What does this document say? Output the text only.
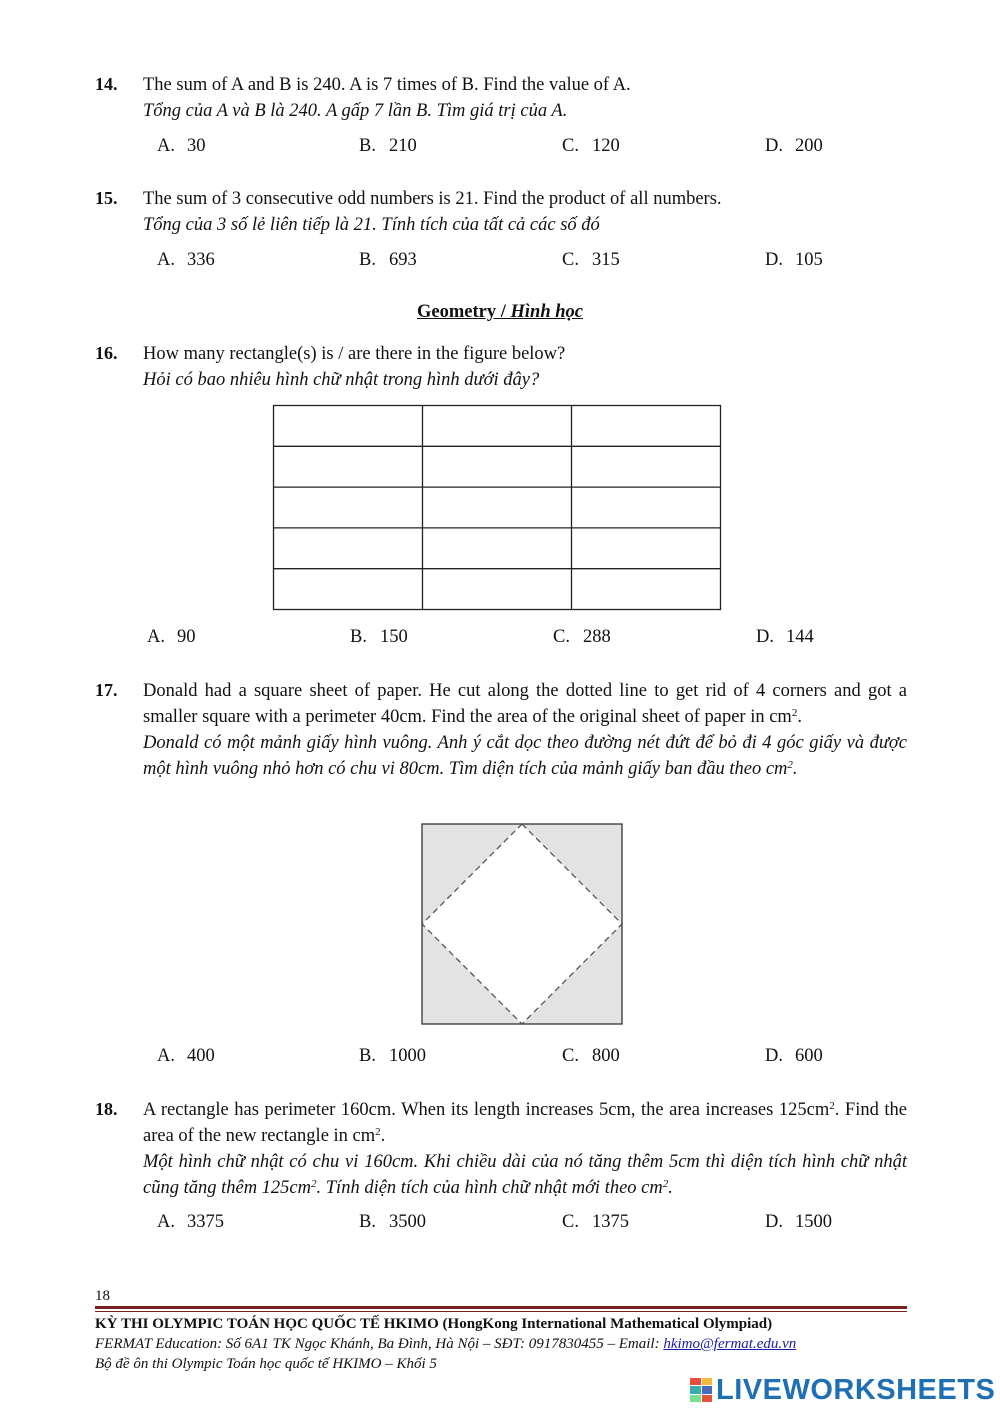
14. The sum of A and B is 240. A is 7 times of B. Find the value of A.
Tổng của A và B là 240. A gấp 7 lần B. Tìm giá trị của A.
A. 30	B. 210	C. 120	D. 200
15. The sum of 3 consecutive odd numbers is 21. Find the product of all numbers.
Tổng của 3 số lẻ liên tiếp là 21. Tính tích của tất cả các số đó
A. 336	B. 693	C. 315	D. 105
Geometry / Hình học
16. How many rectangle(s) is / are there in the figure below?
Hỏi có bao nhiêu hình chữ nhật trong hình dưới đây?
A. 90	B. 150	C. 288	D. 144
17. Donald had a square sheet of paper. He cut along the dotted line to get rid of 4 corners and got a smaller square with a perimeter 40cm. Find the area of the original sheet of paper in $cm^2$.
Donald có một mảnh giấy hình vuông. Anh ý cắt dọc theo đường nét đứt để bỏ đi 4 góc giấy và được một hình vuông nhỏ hơn có chu vi 80cm. Tìm diện tích của mảnh giấy ban đầu theo $cm^2$.
A. 400	B. 1000	C. 800	D. 600
18. A rectangle has perimeter 160cm. When its length increases 5cm, the area increases $125cm^2$. Find the area of the new rectangle in $cm^2$.
Một hình chữ nhật có chu vi 160cm. Khi chiều dài của nó tăng thêm 5cm thì diện tích hình chữ nhật cũng tăng thêm $125cm^2$. Tính diện tích của hình chữ nhật mới theo $cm^2$.
A. 3375	B. 3500	C. 1375	D. 1500
18
KỲ THI OLYMPIC TOÁN HỌC QUỐC TẾ HKIMO (HongKong International Mathematical Olympiad)
FERMAT Education: Số 6A1 TK Ngọc Khánh, Ba Đình, Hà Nội – SĐT: 0917830455 – Email: hkimo@fermat.edu.vn
Bộ đề ôn thi Olympic Toán học quốc tế HKIMO – Khối 5
LIVEWORKSHEETS
